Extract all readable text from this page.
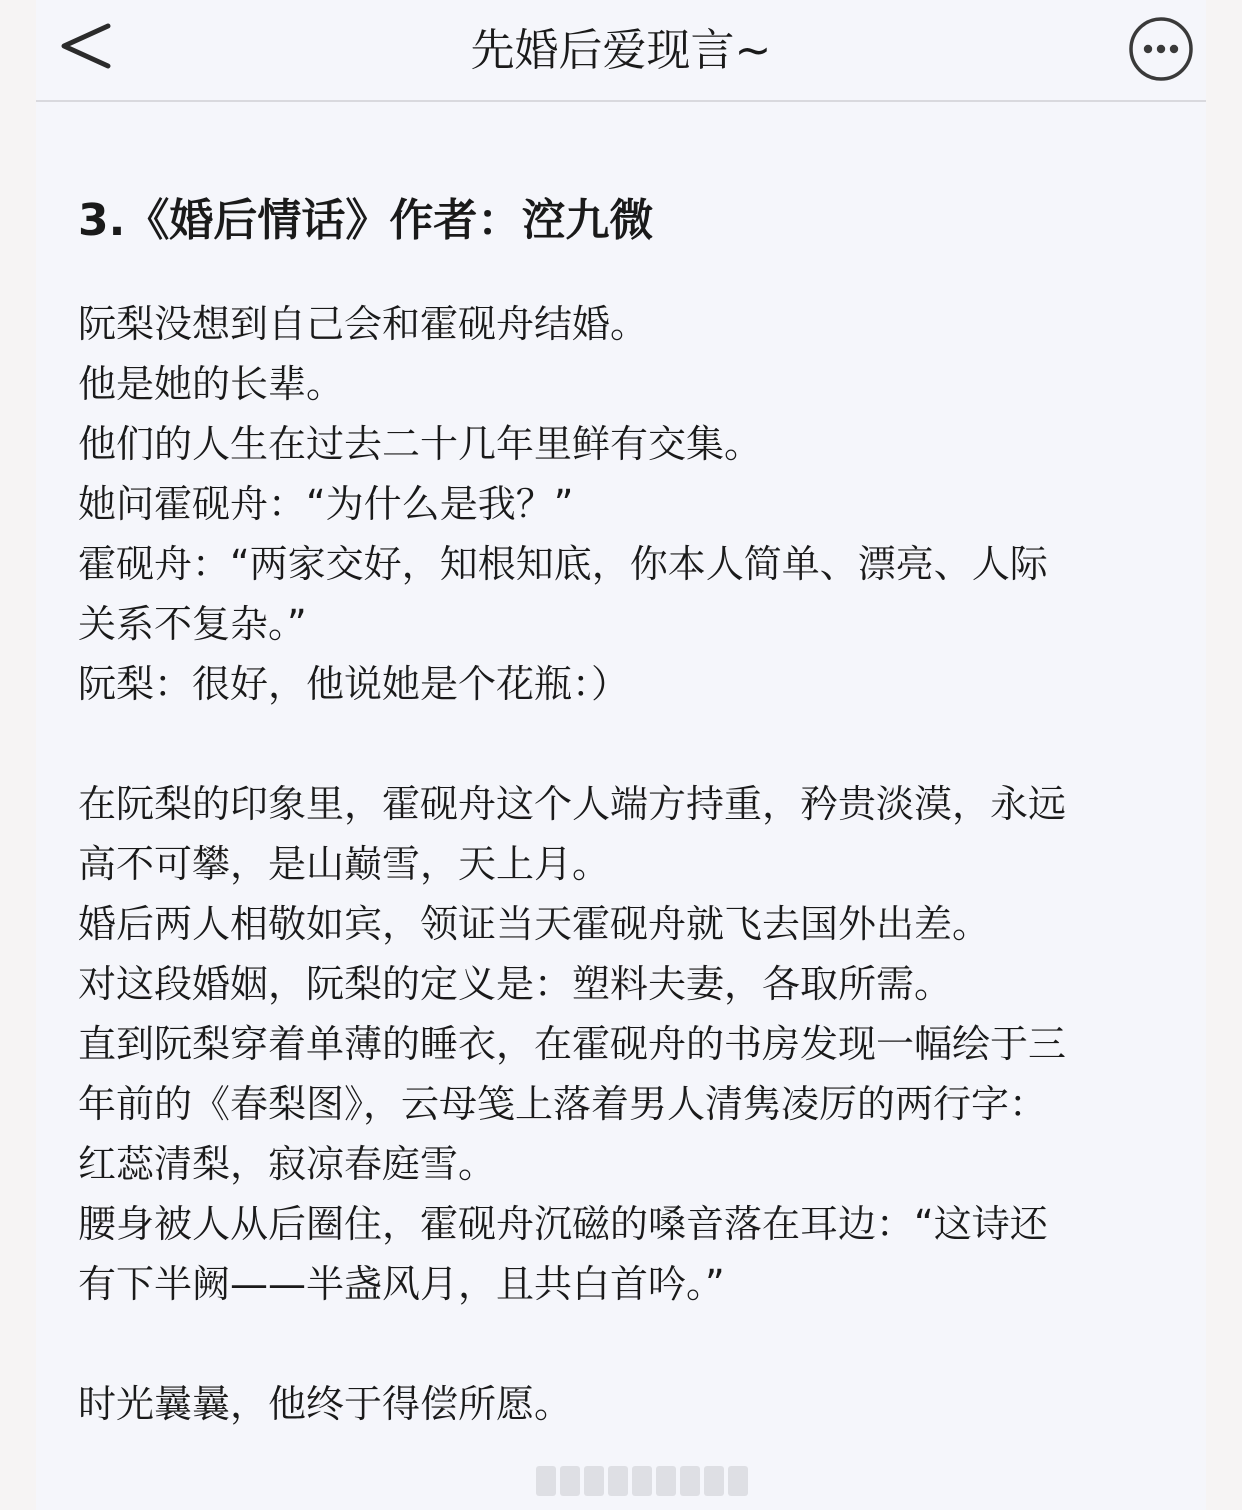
先婚后爱现言~
3.《婚后情话》作者：涳九微
阮梨没想到自己会和霍砚舟结婚。
他是她的长辈。
他们的人生在过去二十几年里鲜有交集。
她问霍砚舟：“为什么是我？”
霍砚舟：“两家交好，知根知底，你本人简单、漂亮、人际
关系不复杂。”
阮梨：很好，他说她是个花瓶：）
在阮梨的印象里，霍砚舟这个人端方持重，矜贵淡漠，永远
高不可攀，是山巅雪，天上月。
婚后两人相敬如宾，领证当天霍砚舟就飞去国外出差。
对这段婚姻，阮梨的定义是：塑料夫妻，各取所需。
直到阮梨穿着单薄的睡衣，在霍砚舟的书房发现一幅绘于三
年前的《春梨图》，云母笺上落着男人清隽凌厉的两行字：
红蕊清梨，寂凉春庭雪。
腰身被人从后圈住，霍砚舟沉磁的嗓音落在耳边：“这诗还
有下半阙——半盏风月，且共白首吟。”
时光曩曩，他终于得偿所愿。
